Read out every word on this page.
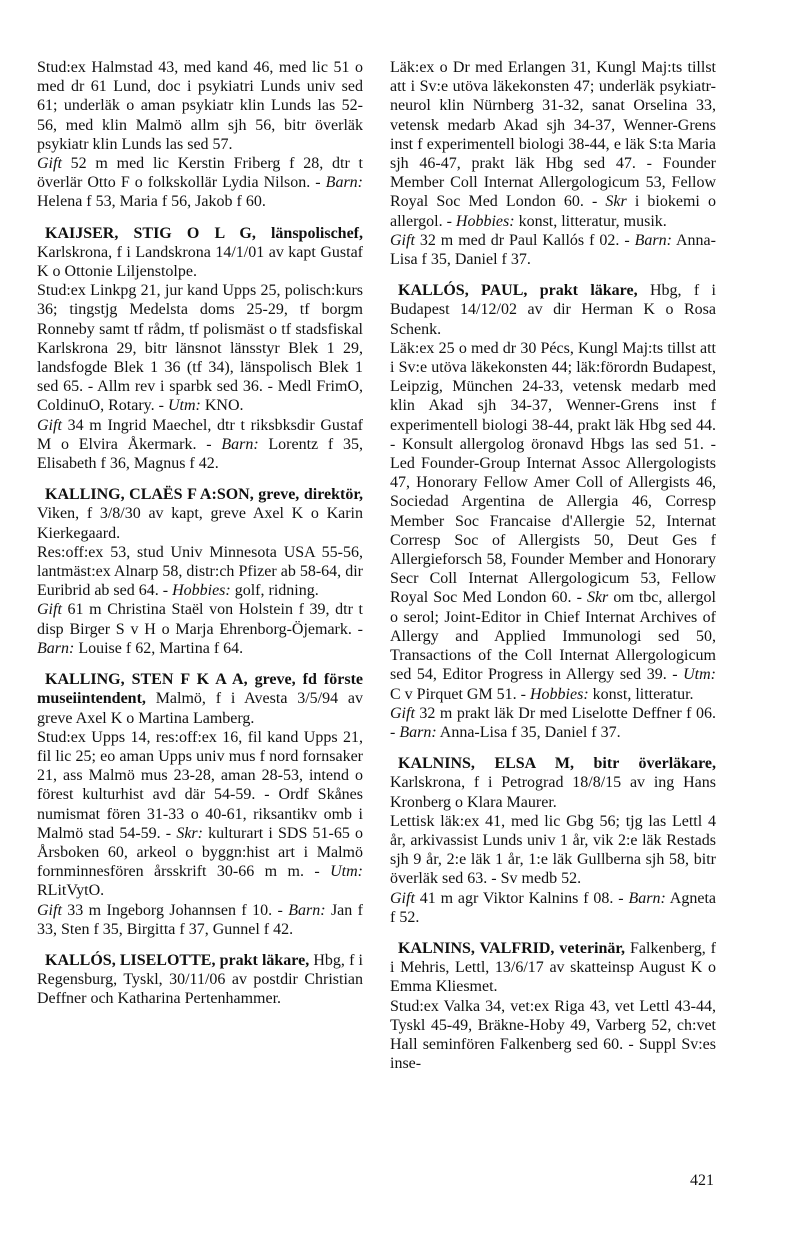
Stud:ex Halmstad 43, med kand 46, med lic 51 o med dr 61 Lund, doc i psykiatri Lunds univ sed 61; underläk o aman psykiatr klin Lunds las 52-56, med klin Malmö allm sjh 56, bitr överläk psykiatr klin Lunds las sed 57.

Gift 52 m med lic Kerstin Friberg f 28, dtr t överlär Otto F o folkskollär Lydia Nilson. - Barn: Helena f 53, Maria f 56, Jakob f 60.

KAIJSER, STIG O L G, länspolischef, Karlskrona, f i Landskrona 14/1/01 av kapt Gustaf K o Ottonie Liljenstolpe.

Stud:ex Linkpg 21, jur kand Upps 25, polisch:kurs 36; tingstjg Medelsta doms 25-29, tf borgm Ronneby samt tf rådm, tf polismäst o tf stadsfiskal Karlskrona 29, bitr länsnot länsstyr Blek 1 29, landsfogde Blek 1 36 (tf 34), länspolisch Blek 1 sed 65. - Allm rev i sparbk sed 36. - Medl FrimO, ColdinuO, Rotary. - Utm: KNO.

Gift 34 m Ingrid Maechel, dtr t riksbksdir Gustaf M o Elvira Åkermark. - Barn: Lorentz f 35, Elisabeth f 36, Magnus f 42.

KALLING, CLAËS F A:SON, greve, direktör, Viken, f 3/8/30 av kapt, greve Axel K o Karin Kierkegaard.

Res:off:ex 53, stud Univ Minnesota USA 55-56, lantmäst:ex Alnarp 58, distr:ch Pfizer ab 58-64, dir Euribrid ab sed 64. - Hobbies: golf, ridning.

Gift 61 m Christina Staël von Holstein f 39, dtr t disp Birger S v H o Marja Ehrenborg-Öjemark. - Barn: Louise f 62, Martina f 64.

KALLING, STEN F K A A, greve, fd förste museiintendent, Malmö, f i Avesta 3/5/94 av greve Axel K o Martina Lamberg.

Stud:ex Upps 14, res:off:ex 16, fil kand Upps 21, fil lic 25; eo aman Upps univ mus f nord fornsaker 21, ass Malmö mus 23-28, aman 28-53, intend o förest kulturhist avd där 54-59. - Ordf Skånes numismat fören 31-33 o 40-61, riksantikv omb i Malmö stad 54-59. - Skr: kulturart i SDS 51-65 o Årsboken 60, arkeol o byggn:hist art i Malmö fornminnesfören årsskrift 30-66 m m. - Utm: RLitVytO.

Gift 33 m Ingeborg Johannsen f 10. - Barn: Jan f 33, Sten f 35, Birgitta f 37, Gunnel f 42.

KALLÓS, LISELOTTE, prakt läkare, Hbg, f i Regensburg, Tyskl, 30/11/06 av postdir Christian Deffner och Katharina Pertenhammer.

Läk:ex o Dr med Erlangen 31, Kungl Maj:ts tillst att i Sv:e utöva läkekonsten 47; underläk psykiatr-neurol klin Nürnberg 31-32, sanat Orselina 33, vetensk medarb Akad sjh 34-37, Wenner-Grens inst f experimentell biologi 38-44, e läk S:ta Maria sjh 46-47, prakt läk Hbg sed 47. - Founder Member Coll Internat Allergologicum 53, Fellow Royal Soc Med London 60. - Skr i biokemi o allergol. - Hobbies: konst, litteratur, musik.

Gift 32 m med dr Paul Kallós f 02. - Barn: Anna-Lisa f 35, Daniel f 37.

KALLÓS, PAUL, prakt läkare, Hbg, f i Budapest 14/12/02 av dir Herman K o Rosa Schenk.

Läk:ex 25 o med dr 30 Pécs, Kungl Maj:ts tillst att i Sv:e utöva läkekonsten 44; läk:förordn Budapest, Leipzig, München 24-33, vetensk medarb med klin Akad sjh 34-37, Wenner-Grens inst f experimentell biologi 38-44, prakt läk Hbg sed 44. - Konsult allergolog öronavd Hbgs las sed 51. - Led Founder-Group Internat Assoc Allergologists 47, Honorary Fellow Amer Coll of Allergists 46, Sociedad Argentina de Allergia 46, Corresp Member Soc Francaise d'Allergie 52, Internat Corresp Soc of Allergists 50, Deut Ges f Allergieforsch 58, Founder Member and Honorary Secr Coll Internat Allergologicum 53, Fellow Royal Soc Med London 60. - Skr om tbc, allergol o serol; Joint-Editor in Chief Internat Archives of Allergy and Applied Immunologi sed 50, Transactions of the Coll Internat Allergologicum sed 54, Editor Progress in Allergy sed 39. - Utm: C v Pirquet GM 51. - Hobbies: konst, litteratur.

Gift 32 m prakt läk Dr med Liselotte Deffner f 06. - Barn: Anna-Lisa f 35, Daniel f 37.

KALNINS, ELSA M, bitr överläkare, Karlskrona, f i Petrograd 18/8/15 av ing Hans Kronberg o Klara Maurer.

Lettisk läk:ex 41, med lic Gbg 56; tjg las Lettl 4 år, arkivassist Lunds univ 1 år, vik 2:e läk Restads sjh 9 år, 2:e läk 1 år, 1:e läk Gullberna sjh 58, bitr överläk sed 63. - Sv medb 52.

Gift 41 m agr Viktor Kalnins f 08. - Barn: Agneta f 52.

KALNINS, VALFRID, veterinär, Falkenberg, f i Mehris, Lettl, 13/6/17 av skatteinsp August K o Emma Kliesmet.

Stud:ex Valka 34, vet:ex Riga 43, vet Lettl 43-44, Tyskl 45-49, Bräkne-Hoby 49, Varberg 52, ch:vet Hall seminfören Falkenberg sed 60. - Suppl Sv:es inse-

421
